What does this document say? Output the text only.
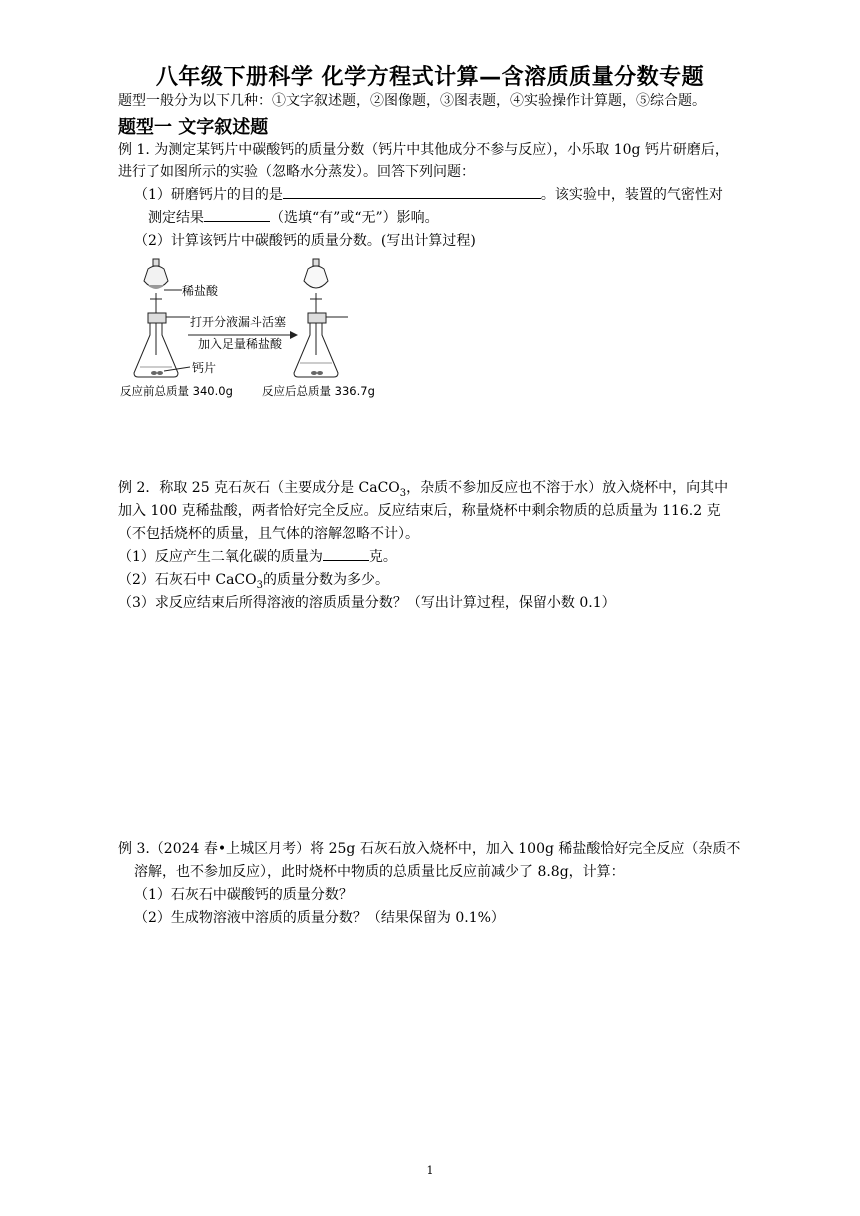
八年级下册科学 化学方程式计算—含溶质质量分数专题
题型一般分为以下几种：①文字叙述题，②图像题，③图表题，④实验操作计算题，⑤综合题。
题型一 文字叙述题
例 1. 为测定某钙片中碳酸钙的质量分数（钙片中其他成分不参与反应），小乐取 10g 钙片研磨后，
进行了如图所示的实验（忽略水分蒸发）。回答下列问题：
（1）研磨钙片的目的是	。该实验中，装置的气密性对
测定结果	（选填“有”或“无”）影响。
（2）计算该钙片中碳酸钙的质量分数。(写出计算过程)
稀盐酸
打开分液漏斗活塞
加入足量稀盐酸
钙片
反应前总质量 340.0g	反应后总质量 336.7g
例 2．称取 25 克石灰石（主要成分是 CaCO$_3$，杂质不参加反应也不溶于水）放入烧杯中，向其中
加入 100 克稀盐酸，两者恰好完全反应。反应结束后，称量烧杯中剩余物质的总质量为 116.2 克
（不包括烧杯的质量，且气体的溶解忽略不计）。
（1）反应产生二氧化碳的质量为	克。
（2）石灰石中 CaCO$_3$的质量分数为多少。
（3）求反应结束后所得溶液的溶质质量分数？（写出计算过程，保留小数 0.1）
例 3.（2024 春•上城区月考）将 25g 石灰石放入烧杯中，加入 100g 稀盐酸恰好完全反应（杂质不
溶解，也不参加反应），此时烧杯中物质的总质量比反应前减少了 8.8g，计算：
（1）石灰石中碳酸钙的质量分数？
（2）生成物溶液中溶质的质量分数？（结果保留为 0.1%）
1
